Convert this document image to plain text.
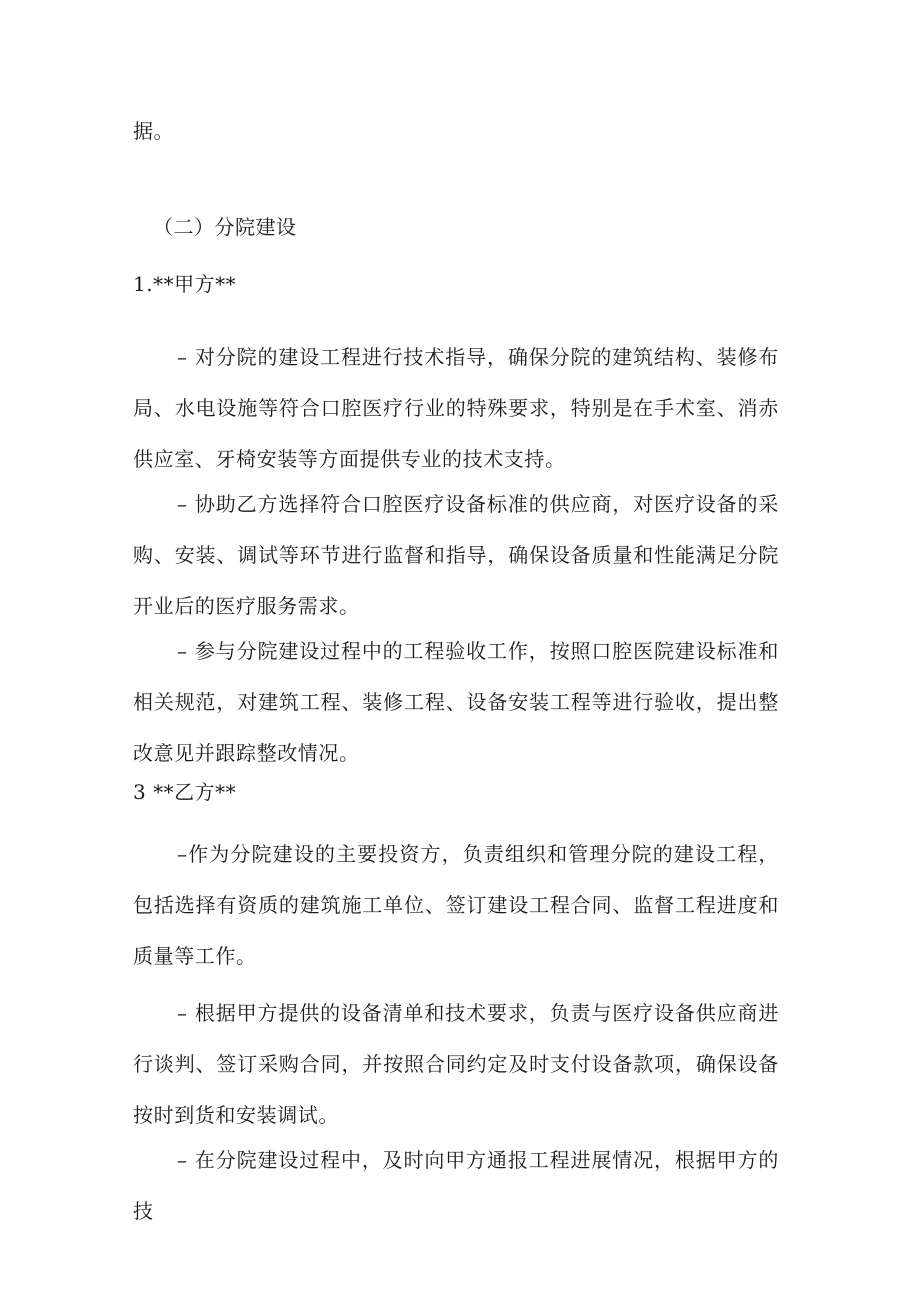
据。
（二）分院建设
1.**甲方**
– 对分院的建设工程进行技术指导，确保分院的建筑结构、装修布局、水电设施等符合口腔医疗行业的特殊要求，特别是在手术室、消赤供应室、牙椅安装等方面提供专业的技术支持。
– 协助乙方选择符合口腔医疗设备标准的供应商，对医疗设备的采购、安装、调试等环节进行监督和指导，确保设备质量和性能满足分院开业后的医疗服务需求。
– 参与分院建设过程中的工程验收工作，按照口腔医院建设标准和相关规范，对建筑工程、装修工程、设备安装工程等进行验收，提出整改意见并跟踪整改情况。
3 **乙方**
–作为分院建设的主要投资方，负责组织和管理分院的建设工程，包括选择有资质的建筑施工单位、签订建设工程合同、监督工程进度和质量等工作。
– 根据甲方提供的设备清单和技术要求，负责与医疗设备供应商进行谈判、签订采购合同，并按照合同约定及时支付设备款项，确保设备按时到货和安装调试。
– 在分院建设过程中，及时向甲方通报工程进展情况，根据甲方的技
